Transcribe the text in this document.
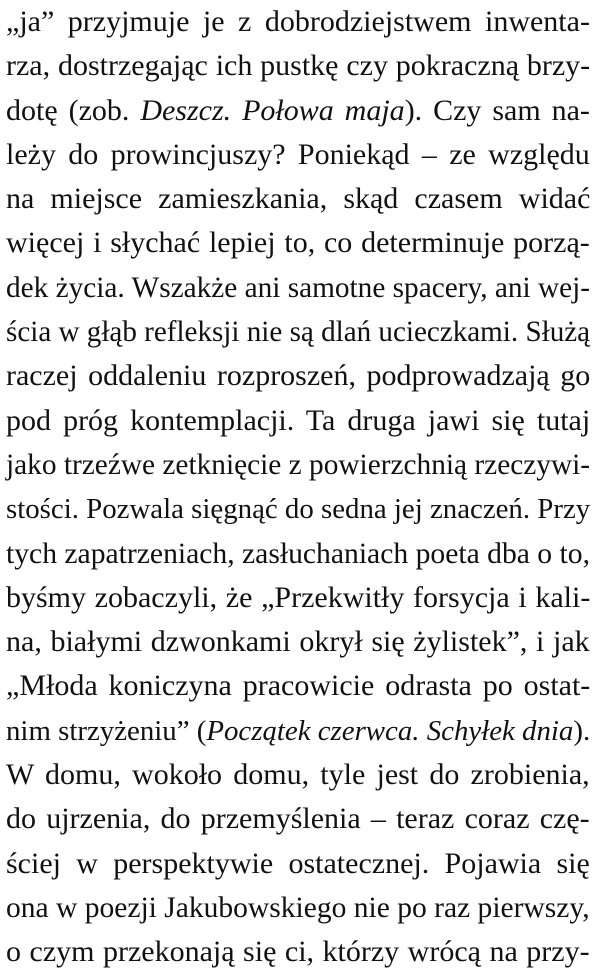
„ja” przyjmuje je z dobrodziejstwem inwenta-
rza, dostrzegając ich pustkę czy pokraczną brzy-
dotę (zob. Deszcz. Połowa maja). Czy sam na-
leży do prowincjuszy? Poniekąd – ze względu
na miejsce zamieszkania, skąd czasem widać
więcej i słychać lepiej to, co determinuje porzą-
dek życia. Wszakże ani samotne spacery, ani wej-
ścia w głąb refleksji nie są dlań ucieczkami. Służą
raczej oddaleniu rozproszeń, podprowadzają go
pod próg kontemplacji. Ta druga jawi się tutaj
jako trzeźwe zetknięcie z powierzchnią rzeczywi-
stości. Pozwala sięgnąć do sedna jej znaczeń. Przy
tych zapatrzeniach, zasłuchaniach poeta dba o to,
byśmy zobaczyli, że „Przekwitły forsycja i kali-
na, białymi dzwonkami okrył się żylistek”, i jak
„Młoda koniczyna pracowicie odrasta po ostat-
nim strzyżeniu” (Początek czerwca. Schyłek dnia).
W domu, wokoło domu, tyle jest do zrobienia,
do ujrzenia, do przemyślenia – teraz coraz czę-
ściej w perspektywie ostatecznej. Pojawia się
ona w poezji Jakubowskiego nie po raz pierwszy,
o czym przekonają się ci, którzy wrócą na przy-
